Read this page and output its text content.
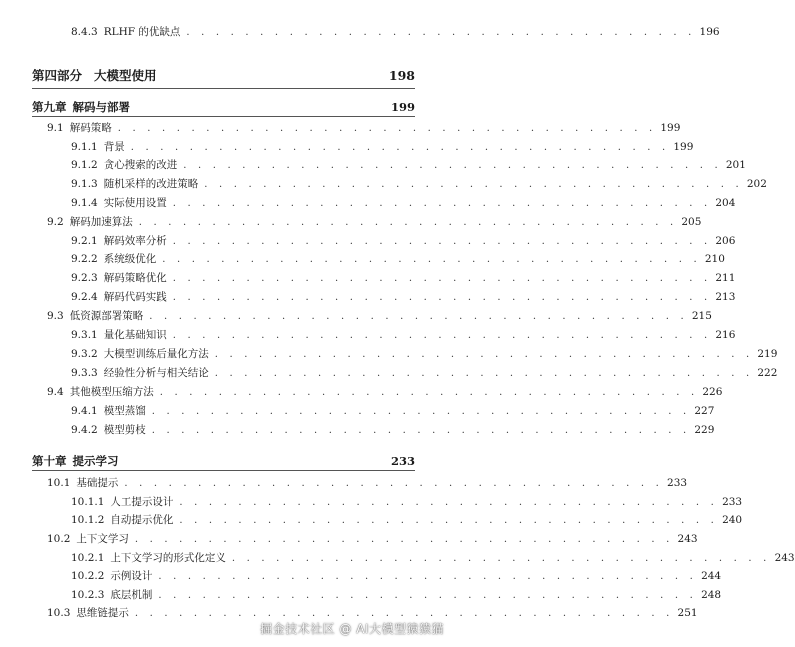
8.4.3 RLHF 的优缺点 . . . . . . . . . . . . . . . . . . . . . . . . . . . . . . . . . . . 196
第四部分 大模型使用	198
第九章 解码与部署	199
9.1 解码策略 . . . . . . . . . . . . . . . . . . . . . . . . . . . . . . . . . . . . . 199
9.1.1 背景 . . . . . . . . . . . . . . . . . . . . . . . . . . . . . . . . . . . . . 199
9.1.2 贪心搜索的改进 . . . . . . . . . . . . . . . . . . . . . . . . . . . . . . . . . . . . . 201
9.1.3 随机采样的改进策略 . . . . . . . . . . . . . . . . . . . . . . . . . . . . . . . . . . . . . 202
9.1.4 实际使用设置 . . . . . . . . . . . . . . . . . . . . . . . . . . . . . . . . . . . . . 204
9.2 解码加速算法 . . . . . . . . . . . . . . . . . . . . . . . . . . . . . . . . . . . . . 205
9.2.1 解码效率分析 . . . . . . . . . . . . . . . . . . . . . . . . . . . . . . . . . . . . . 206
9.2.2 系统级优化 . . . . . . . . . . . . . . . . . . . . . . . . . . . . . . . . . . . . . 210
9.2.3 解码策略优化 . . . . . . . . . . . . . . . . . . . . . . . . . . . . . . . . . . . . . 211
9.2.4 解码代码实践 . . . . . . . . . . . . . . . . . . . . . . . . . . . . . . . . . . . . . 213
9.3 低资源部署策略 . . . . . . . . . . . . . . . . . . . . . . . . . . . . . . . . . . . . . 215
9.3.1 量化基础知识 . . . . . . . . . . . . . . . . . . . . . . . . . . . . . . . . . . . . . 216
9.3.2 大模型训练后量化方法 . . . . . . . . . . . . . . . . . . . . . . . . . . . . . . . . . . . . . 219
9.3.3 经验性分析与相关结论 . . . . . . . . . . . . . . . . . . . . . . . . . . . . . . . . . . . . . 222
9.4 其他模型压缩方法 . . . . . . . . . . . . . . . . . . . . . . . . . . . . . . . . . . . . . 226
9.4.1 模型蒸馏 . . . . . . . . . . . . . . . . . . . . . . . . . . . . . . . . . . . . . 227
9.4.2 模型剪枝 . . . . . . . . . . . . . . . . . . . . . . . . . . . . . . . . . . . . . 229
第十章 提示学习	233
10.1 基础提示 . . . . . . . . . . . . . . . . . . . . . . . . . . . . . . . . . . . . . 233
10.1.1 人工提示设计 . . . . . . . . . . . . . . . . . . . . . . . . . . . . . . . . . . . . . 233
10.1.2 自动提示优化 . . . . . . . . . . . . . . . . . . . . . . . . . . . . . . . . . . . . . 240
10.2 上下文学习 . . . . . . . . . . . . . . . . . . . . . . . . . . . . . . . . . . . . . 243
10.2.1 上下文学习的形式化定义 . . . . . . . . . . . . . . . . . . . . . . . . . . . . . . . . . . . . . 243
10.2.2 示例设计 . . . . . . . . . . . . . . . . . . . . . . . . . . . . . . . . . . . . . 244
10.2.3 底层机制 . . . . . . . . . . . . . . . . . . . . . . . . . . . . . . . . . . . . . 248
10.3 思维链提示 . . . . . . . . . . . . . . . . . . . . . . . . . . . . . . . . . . . . . 251
掘金技术社区 @ AI大模型猿猿猫
